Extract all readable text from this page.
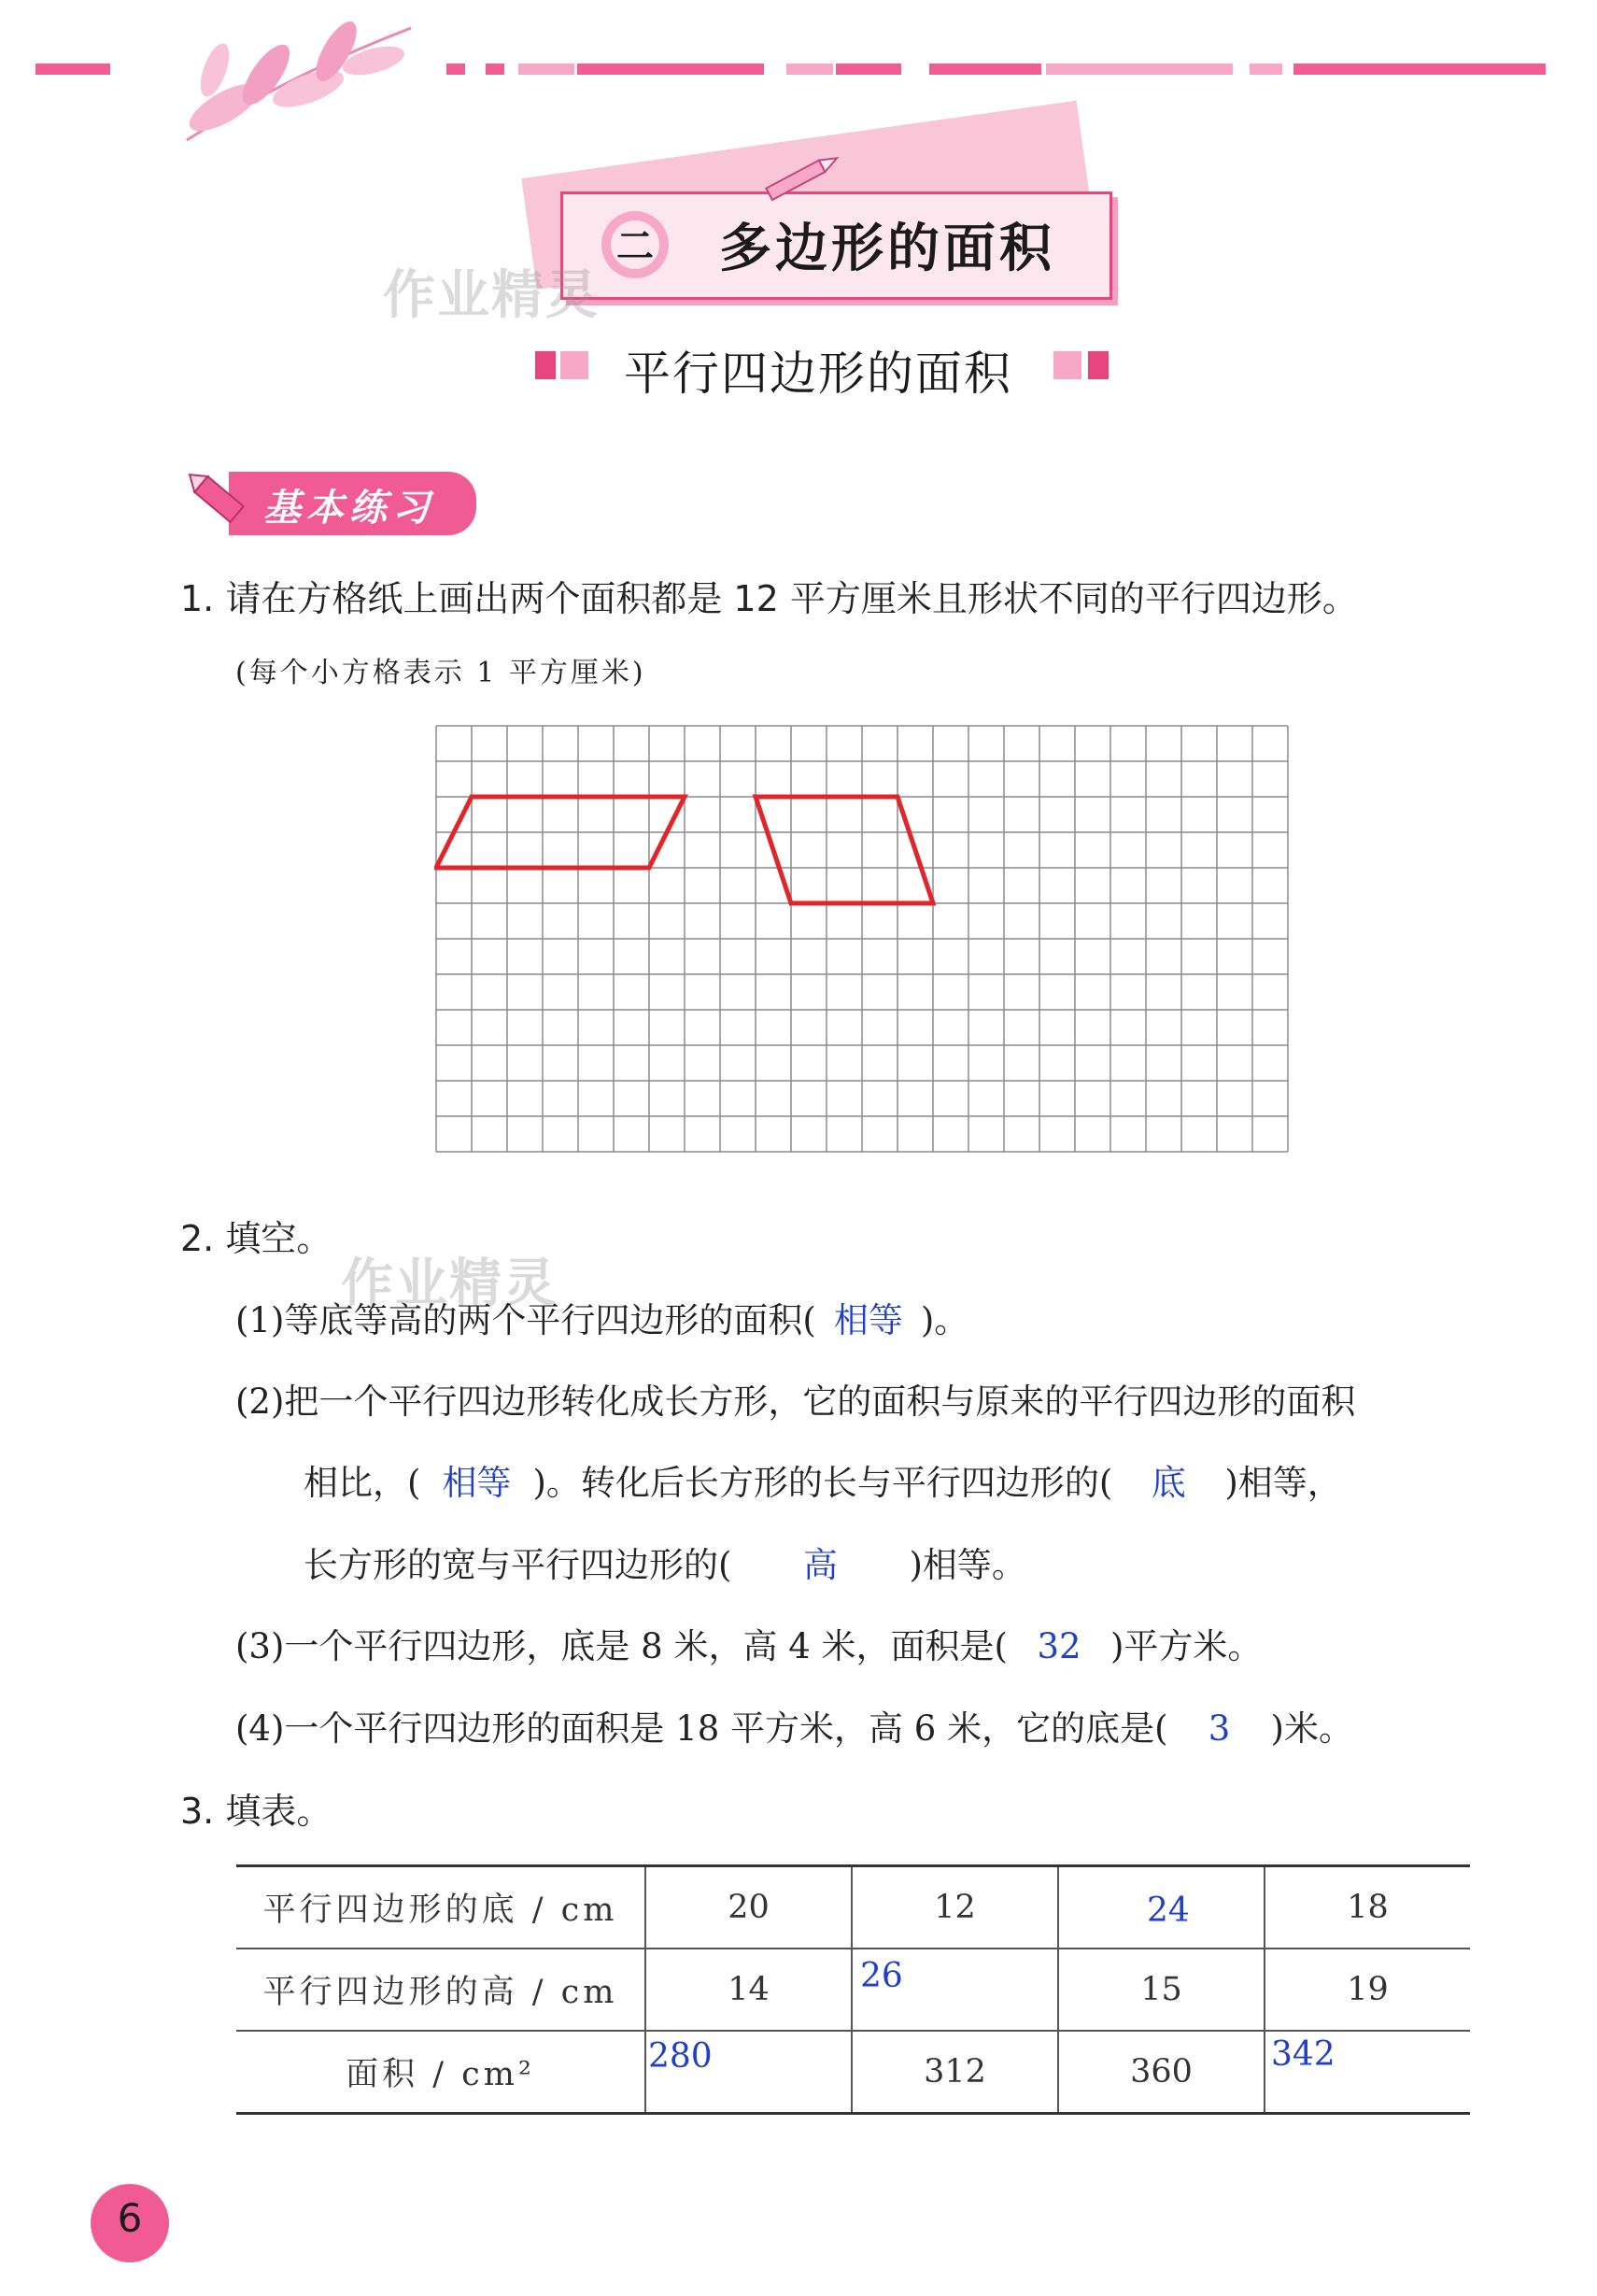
二 多边形的面积
作业精灵
平行四边形的面积
基本练习
1. 请在方格纸上画出两个面积都是 12 平方厘米且形状不同的平行四边形。
(每个小方格表示 1 平方厘米)
2. 填空。
作业精灵
(1)等底等高的两个平行四边形的面积( 相等 )。
(2)把一个平行四边形转化成长方形，它的面积与原来的平行四边形的面积
相比，( 相等 )。转化后长方形的长与平行四边形的( 底 )相等，
长方形的宽与平行四边形的( 高 )相等。
(3)一个平行四边形，底是 8 米，高 4 米，面积是( 32 )平方米。
(4)一个平行四边形的面积是 18 平方米，高 6 米，它的底是( 3 )米。
3. 填表。
平行四边形的底 / cm	20	12	24	18

平行四边形的高 / cm	14	26	15	19

面积 / cm²	280	312	360	342
6
